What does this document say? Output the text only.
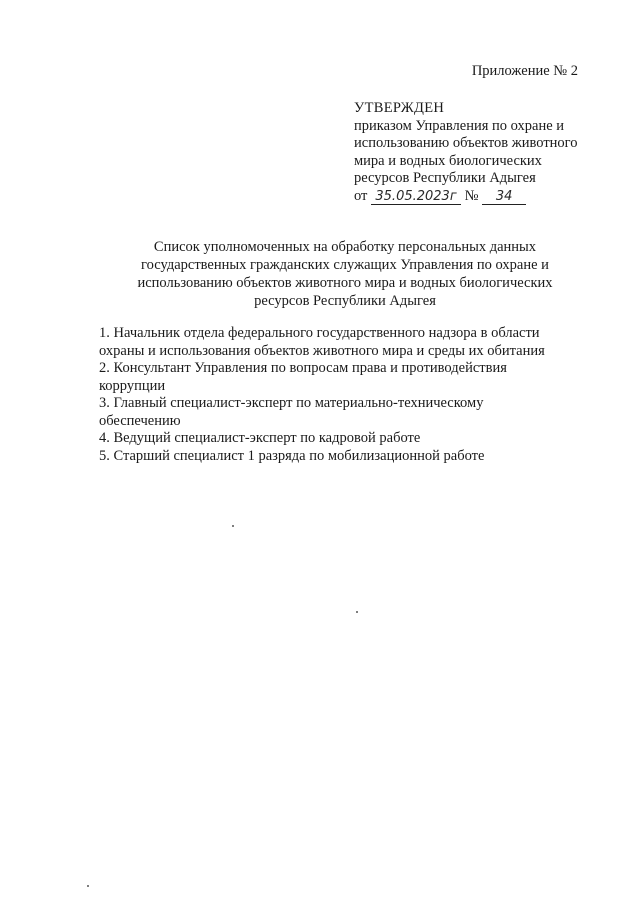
Приложение № 2
УТВЕРЖДЕН
приказом Управления по охране и
использованию объектов животного
мира и водных биологических
ресурсов Республики Адыгея
от 35.05.2023г № 34
Список уполномоченных на обработку персональных данных
государственных гражданских служащих Управления по охране и
использованию объектов животного мира и водных биологических
ресурсов Республики Адыгея
1. Начальник отдела федерального государственного надзора в области
охраны и использования объектов животного мира и среды их обитания
2. Консультант Управления по вопросам права и противодействия
коррупции
3. Главный специалист-эксперт по материально-техническому
обеспечению
4. Ведущий специалист-эксперт по кадровой работе
5. Старший специалист 1 разряда по мобилизационной работе
